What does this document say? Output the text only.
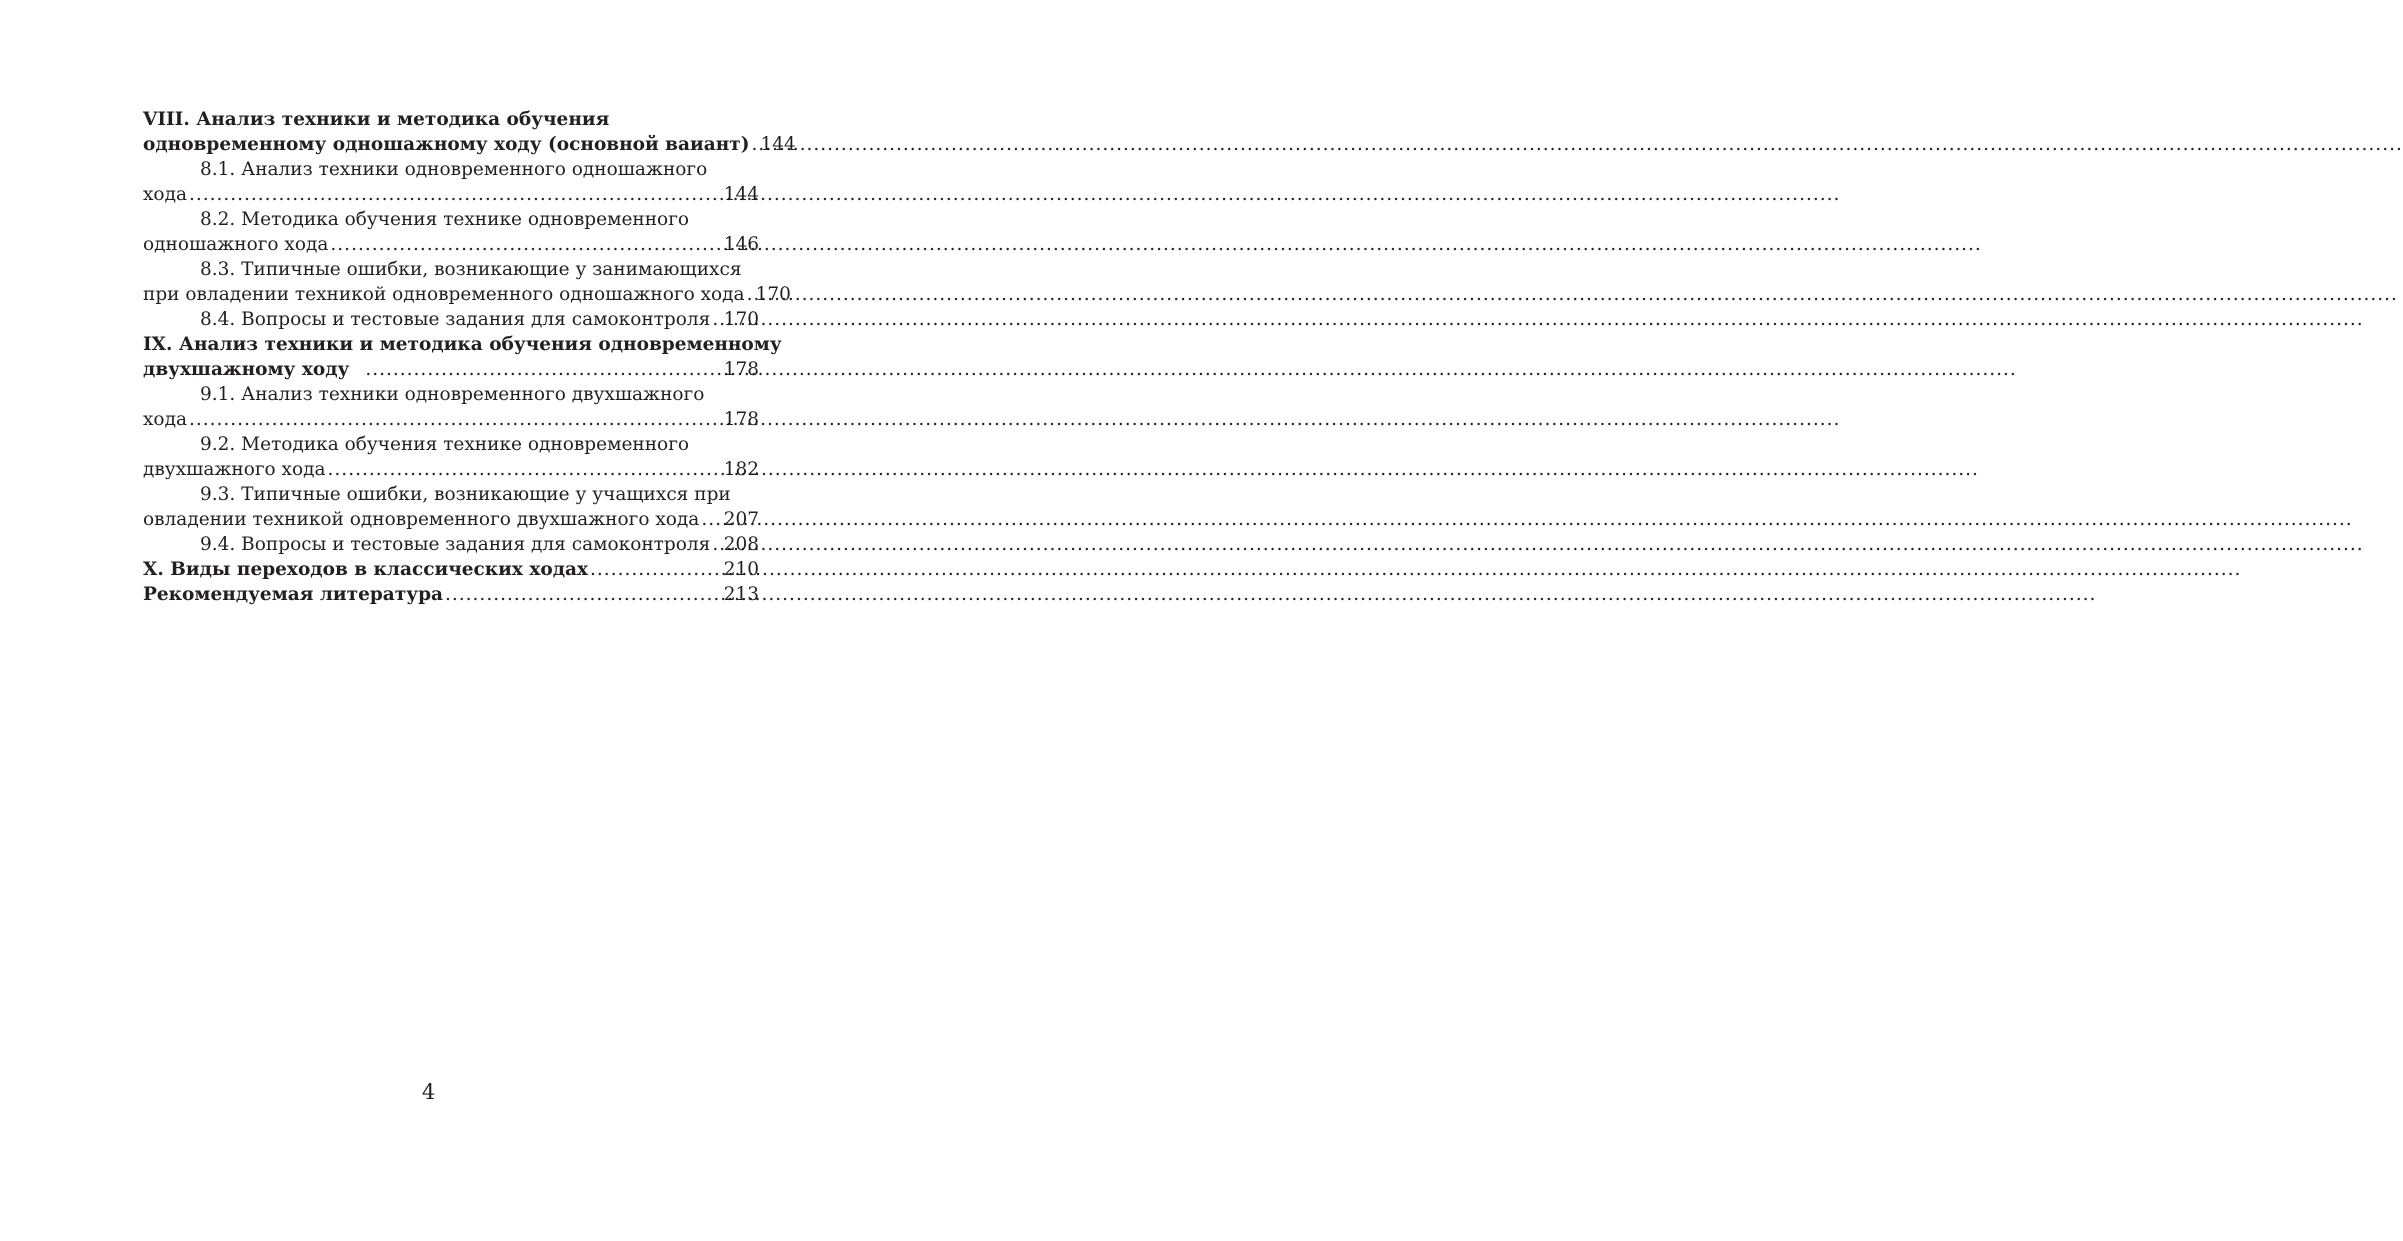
VIII. Анализ техники и методика обучения
одновременному одношажному ходу (основной ваиант) ..... 144
8.1. Анализ техники одновременного одношажного
хода .....	144
8.2. Методика обучения технике одновременного
одношажного хода .....	146
8.3. Типичные ошибки, возникающие у занимающихся
при овладении техникой одновременного одношажного хода ..... 170
8.4. Вопросы и тестовые задания для самоконтроля ..... 170
IX. Анализ техники и методика обучения одновременному
двухшажному ходу .....	178
9.1. Анализ техники одновременного двухшажного
хода .....	178
9.2. Методика обучения технике одновременного
двухшажного хода .....	182
9.3. Типичные ошибки, возникающие у учащихся при
овладении техникой одновременного двухшажного хода ..... 207
9.4. Вопросы и тестовые задания для самоконтроля ..... 208
X. Виды переходов в классических ходах .....	210
Рекомендуемая литература .....	213
4
